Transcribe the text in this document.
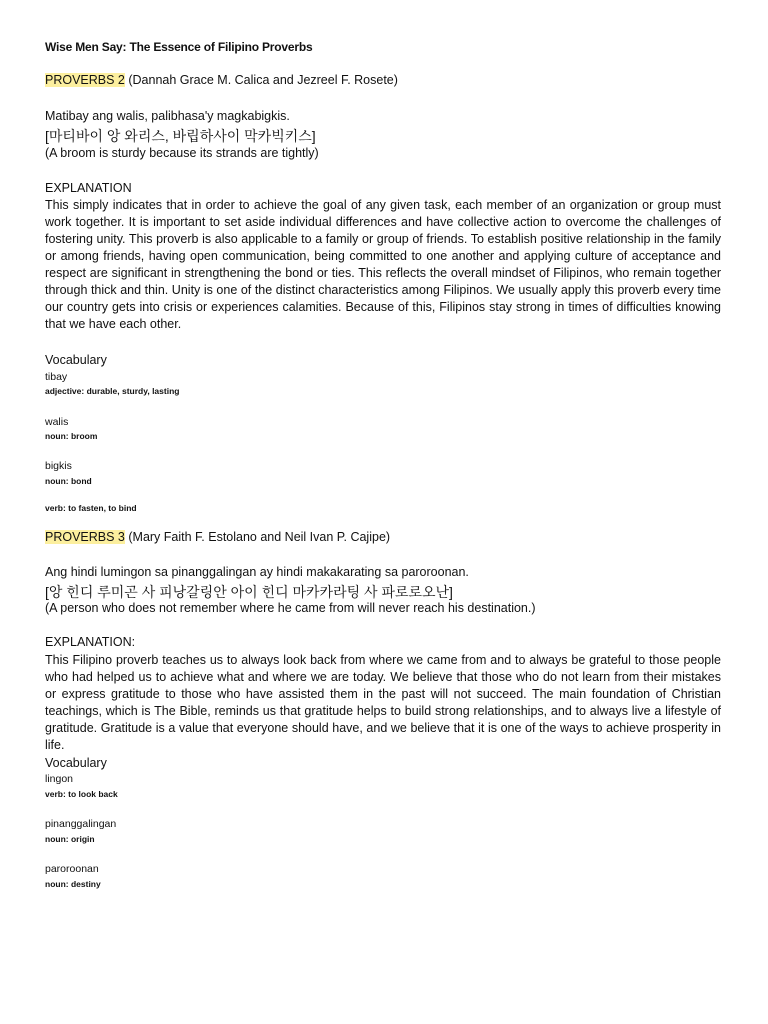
Wise Men Say: The Essence of Filipino Proverbs
PROVERBS 2 (Dannah Grace M. Calica and Jezreel F. Rosete)
Matibay ang walis, palibhasa'y magkabigkis.
[마티바이 앙 와리스, 바립하사이 막카빅키스]
(A broom is sturdy because its strands are tightly)
EXPLANATION
This simply indicates that in order to achieve the goal of any given task, each member of an organization or group must work together. It is important to set aside individual differences and have collective action to overcome the challenges of fostering unity. This proverb is also applicable to a family or group of friends. To establish positive relationship in the family or among friends, having open communication, being committed to one another and applying culture of acceptance and respect are significant in strengthening the bond or ties. This reflects the overall mindset of Filipinos, who remain together through thick and thin. Unity is one of the distinct characteristics among Filipinos. We usually apply this proverb every time our country gets into crisis or experiences calamities. Because of this, Filipinos stay strong in times of difficulties knowing that we have each other.
Vocabulary
tibay
adjective: durable, sturdy, lasting
walis
noun: broom
bigkis
noun: bond
verb: to fasten, to bind
PROVERBS 3 (Mary Faith F. Estolano and Neil Ivan P. Cajipe)
Ang hindi lumingon sa pinanggalingan ay hindi makakarating sa paroroonan.
[앙 힌디 루미곤 사 피낭갈링안 아이 힌디 마카카라팅 사 파로로오난]
(A person who does not remember where he came from will never reach his destination.)
EXPLANATION:
This Filipino proverb teaches us to always look back from where we came from and to always be grateful to those people who had helped us to achieve what and where we are today. We believe that those who do not learn from their mistakes or express gratitude to those who have assisted them in the past will not succeed. The main foundation of Christian teachings, which is The Bible, reminds us that gratitude helps to build strong relationships, and to always live a lifestyle of gratitude. Gratitude is a value that everyone should have, and we believe that it is one of the ways to achieve prosperity in life.
Vocabulary
lingon
verb: to look back
pinanggalingan
noun: origin
paroroonan
noun: destiny
